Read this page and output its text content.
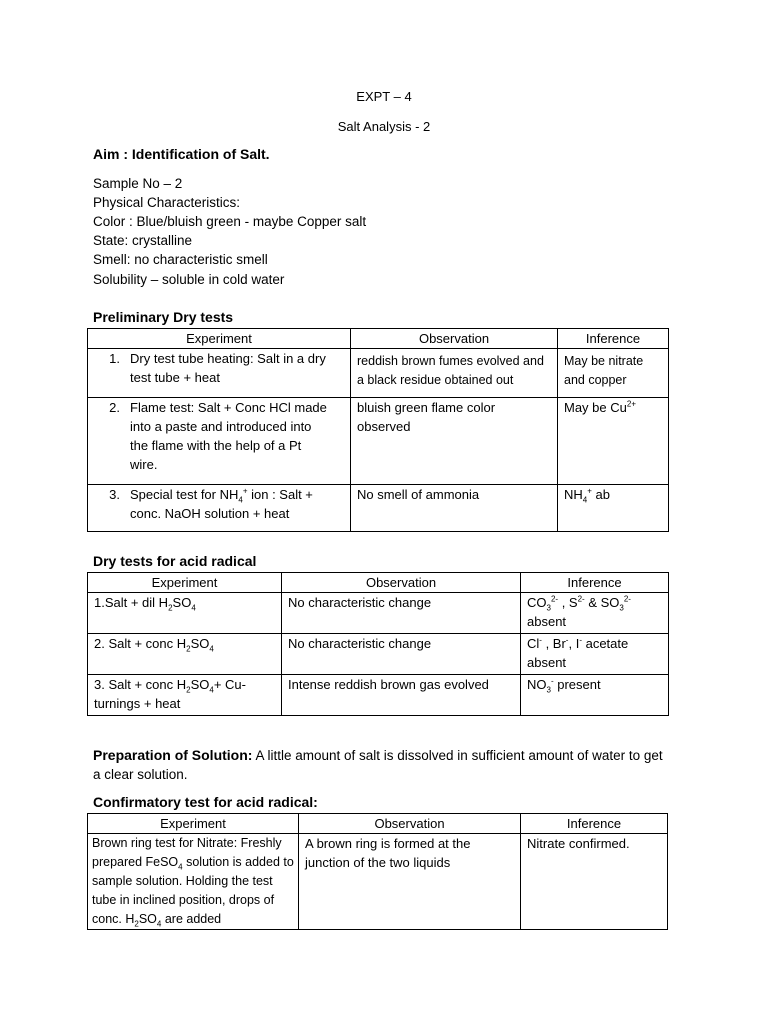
EXPT – 4
Salt Analysis - 2
Aim : Identification of Salt.
Sample No – 2
Physical Characteristics:
Color : Blue/bluish green - maybe Copper salt
State: crystalline
Smell: no characteristic smell
Solubility – soluble in cold water
Preliminary Dry tests
Experiment	Observation	Inference

1. Dry test tube heating: Salt in a dry test tube + heat	reddish brown fumes evolved and a black residue obtained out	May be nitrate and copper

2. Flame test: Salt + Conc HCl made into a paste and introduced into the flame with the help of a Pt wire.	bluish green flame color observed	May be $Cu^{2+}$

3. Special test for $NH_4^+$ ion : Salt + conc. NaOH solution + heat	No smell of ammonia	$NH_4^+$ ab
Dry tests for acid radical
Experiment	Observation	Inference
1.Salt + dil $H_2SO_4$	No characteristic change	$CO_3^{2-}$ , $S^{2-}$ & $SO_3^{2-}$
absent
2. Salt + conc $H_2SO_4$	No characteristic change	Cl- , Br-, I- acetate
absent
3. Salt + conc $H_2SO_4+$ Cu-turnings + heat	Intense reddish brown gas evolved	$NO_3^-$ present
Preparation of Solution: A little amount of salt is dissolved in sufficient amount of water to get a clear solution.
Confirmatory test for acid radical:
Experiment	Observation	Inference
Brown ring test for Nitrate: Freshly prepared FeSO$_4$ solution is added to sample solution. Holding the test tube in inclined position, drops of conc. $H_2SO_4$ are added	A brown ring is formed at the junction of the two liquids	Nitrate confirmed.
